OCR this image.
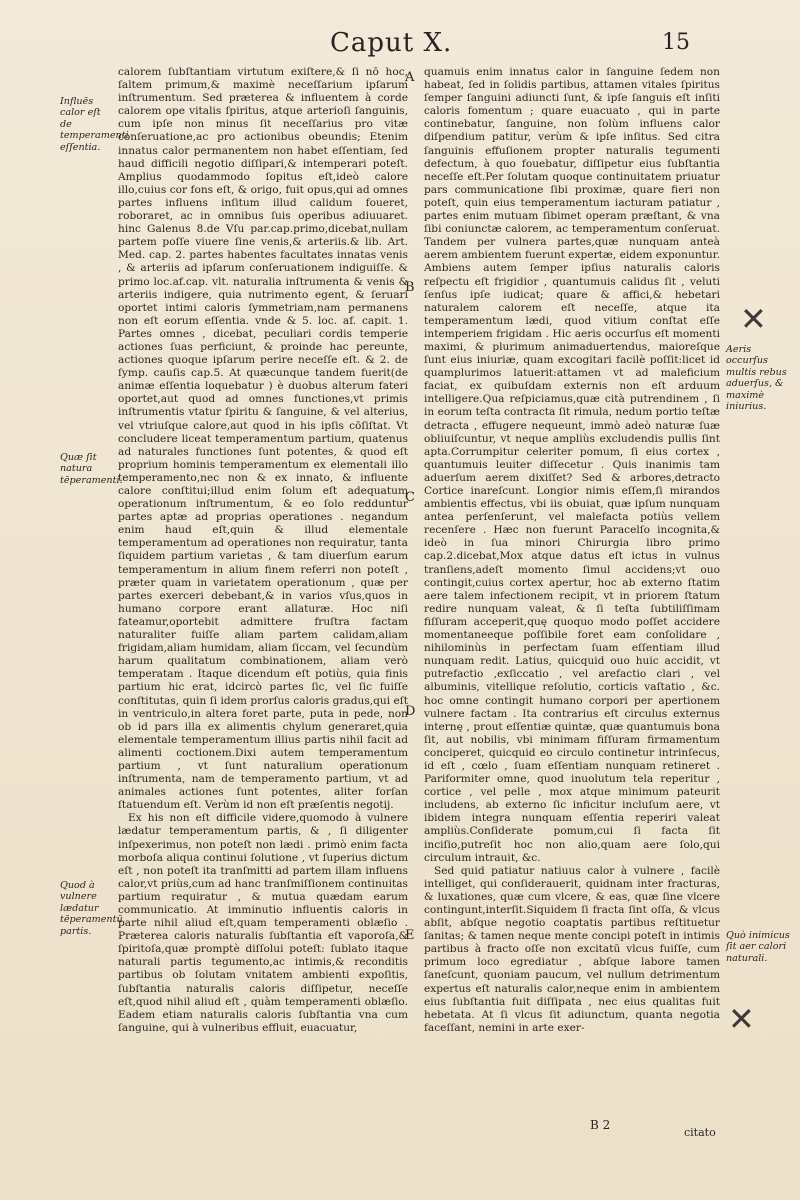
Caput X.	15
Influēs calor eſt de temperamenti eſſentia.
Quæ ſit natura tēperamenti.
Quod à vulnere lædatur tēperamentū partis.

calorem ſubſtantiam virtutum exiſtere,& ſi nō hoc, ſaltem primum,& maximè neceſſarium ipſarum inſtrumentum. Sed præterea & influentem à corde calorem ope vitalis ſpiritus, atque arterioſi ſanguinis, cum ipſe non minus ſit neceſſarius pro vitæ conſeruatione,ac pro actionibus obeundis; Etenim innatus calor permanentem non habet eſſentiam, ſed haud difficili negotio diſſipari,& intemperari poteſt. Amplius quodammodo ſopitus eſt,ideò calore illo,cuius cor fons eſt, & origo, fuit opus,qui ad omnes partes influens inſitum illud calidum foueret, roboraret, ac in omnibus ſuis operibus adiuuaret. hinc Galenus 8.de Vſu par.cap.primo,dicebat,nullam partem poſſe viuere ſine venis,& arteriis.& lib. Art. Med. cap. 2. partes habentes facultates innatas venis , & arteriis ad ipſarum conſeruationem indiguiſſe. & primo loc.af.cap. vlt. naturalia inſtrumenta & venis & arteriis indigere, quia nutrimento egent, & ſeruari oportet intimi caloris ſymmetriam,nam permanens non eſt eorum eſſentia. vnde & 5. loc. af. capit. 1. Partes omnes , dicebat, peculiari cordis temperie actiones ſuas perficiunt, & proinde hac pereunte, actiones quoque ipſarum perire neceſſe eſt. & 2. de ſymp. cauſis cap.5. At quæcunque tandem fuerit(de animæ eſſentia loquebatur ) è duobus alterum fateri oportet,aut quod ad omnes functiones,vt primis inſtrumentis vtatur ſpiritu & ſanguine, & vel alterius, vel vtriuſque calore,aut quod in his ipſis cōſiſtat. Vt concludere liceat temperamentum partium, quatenus ad naturales functiones ſunt potentes, & quod eſt proprium hominis temperamentum ex elementali illo temperamento,nec non & ex innato, & influente calore conſtitui;illud enim ſolum eſt adequatum operationum inſtrumentum, & eo ſolo redduntur partes aptæ ad proprias operationes . negandum enim haud eſt,quin & illud elementale temperamentum ad operationes non requiratur, tanta ſiquidem partium varietas , & tam diuerſum earum temperamentum in alium finem referri non poteſt , præter quam in varietatem operationum , quæ per partes exerceri debebant,& in varios vſus,quos in humano corpore erant allaturæ. Hoc niſi fateamur,oportebit admittere fruſtra factam naturaliter fuiſſe aliam partem calidam,aliam frigidam,aliam humidam, aliam ſiccam, vel ſecundùm harum qualitatum combinationem, aliam verò temperatam . Itaque dicendum eſt potiùs, quia finis partium hic erat, idcircò partes ſic, vel ſic fuiſſe conſtitutas, quin ſi idem prorſus caloris gradus,qui eſt in ventriculo,in altera foret parte, puta in pede, non ob id pars illa ex alimentis chylum generaret,quia elementale temperamentum illius partis nihil facit ad alimenti coctionem.Dixi autem temperamentum partium , vt ſunt naturalium operationum inſtrumenta, nam de temperamento partium, vt ad animales actiones ſunt potentes, aliter forſan ſtatuendum eſt. Verùm id non eſt præſentis negotij.

Ex his non eſt difficile videre,quomodo à vulnere lædatur temperamentum partis, & , ſi diligenter inſpexerimus, non poteſt non lædi . primò enim facta morboſa aliqua continui ſolutione , vt ſuperius dictum eſt , non poteſt ita tranſmitti ad partem illam influens calor,vt priùs,cum ad hanc tranſmiſſionem continuitas partium requiratur , & mutua quædam earum communicatio. At imminutio influentis caloris in parte nihil aliud eſt,quam temperamenti oblæſio . Præterea caloris naturalis ſubſtantia eſt vaporoſa,& ſpiritoſa,quæ promptè diſſolui poteſt: ſublato itaque naturali partis tegumento,ac intimis,& reconditis partibus ob ſolutam vnitatem ambienti expoſitis, ſubſtantia naturalis caloris diſſipetur, neceſſe eſt,quod nihil aliud eſt , quàm temperamenti oblæſio. Eadem etiam naturalis caloris ſubſtantia vna cum ſanguine, qui à vulneribus effluit, euacuatur,

A
B
C
D
E

quamuis enim innatus calor in ſanguine ſedem non habeat, ſed in ſolidis partibus, attamen vitales ſpiritus ſemper ſanguini adiuncti ſunt, & ipſe ſanguis eſt inſiti caloris fomentum ; quare euacuato , qui in parte continebatur, ſanguine, non ſolùm influens calor diſpendium patitur, verùm & ipſe inſitus. Sed citra ſanguinis effuſionem propter naturalis tegumenti defectum, à quo fouebatur, diſſipetur eius ſubſtantia neceſſe eſt.Per ſolutam quoque continuitatem priuatur pars communicatione ſibi proximæ, quare fieri non poteſt, quin eius temperamentum iacturam patiatur , partes enim mutuam ſibimet operam præſtant, & vna ſibi coniunctæ calorem, ac temperamentum conſeruat. Tandem per vulnera partes,quæ nunquam anteà aerem ambientem fuerunt expertæ, eidem exponuntur. Ambiens autem ſemper ipſius naturalis caloris reſpectu eſt frigidior , quantumuis calidus ſit , veluti ſenſus ipſe iudicat; quare & affici,& hebetari naturalem calorem eſt neceſſe, atque ita temperamentum lædi, quod vitium conſtat eſſe intemperiem frigidam . Hic aeris occurſus eſt momenti maximi, & plurimum animaduertendus, maioreſque ſunt eius iniuriæ, quam excogitari facilè poſſit:licet id quamplurimos latuerit:attamen vt ad maleficium faciat, ex quibuſdam externis non eſt arduum intelligere.Qua reſpiciamus,quæ cità putrendinem , ſi in eorum teſta contracta ſit rimula, nedum portio teſtæ detracta , effugere nequeunt, immò adeò naturæ ſuæ obliuiſcuntur, vt neque ampliùs excludendis pullis ſint apta.Corrumpitur celeriter pomum, ſi eius cortex , quantumuis leuiter diſſecetur . Quis inanimis tam aduerſum aerem dixiſſet? Sed & arbores,detracto Cortice inareſcunt. Longior nimis eſſem,ſi mirandos ambientis effectus, vbi iis obuiat, quæ ipſum nunquam antea perſenſerunt, vel malefacta potiùs vellem recenſere . Hæc non fuerunt Paracelſo incognita,& ideò in ſua minori Chirurgia libro primo cap.2.dicebat,Mox atque datus eſt ictus in vulnus tranſiens,adeſt momento ſimul accidens;vt ouo contingit,cuius cortex apertur, hoc ab externo ſtatim aere talem infectionem recipit, vt in priorem ſtatum redire nunquam valeat, & ſi teſta ſubtiliſſimam fiſſuram acceperit,quę quoquo modo poſſet accidere momentaneeque poſſibile foret eam conſolidare , nihilominùs in perfectam ſuam eſſentiam illud nunquam redit. Latius, quicquid ouo huic accidit, vt putrefactio ,exſiccatio , vel arefactio clari , vel albuminis, vitellique reſolutio, corticis vaſtatio , &c. hoc omne contingit humano corpori per apertionem vulnere factam . Ita contrarius eſt circulus externus internę , prout eſſentiæ quintæ, quæ quantumuis bona ſit, aut nobilis, vbi minimam fiſſuram firmamentum conciperet, quicquid eo circulo continetur intrinſecus, id eſt , cœlo , ſuam eſſentiam nunquam retineret . Pariformiter omne, quod inuolutum tela reperitur , cortice , vel pelle , mox atque minimum pateurit includens, ab externo ſic inficitur incluſum aere, vt ibidem integra nunquam eſſentia reperiri valeat ampliùs.Conſiderate pomum,cui ſi facta ſit inciſio,putreſit hoc non alio,quam aere ſolo,qui circulum intrauit, &c.

Sed quid patiatur natiuus calor à vulnere , facilè intelliget, qui conſiderauerit, quidnam inter fracturas, & luxationes, quæ cum vlcere, & eas, quæ ſine vlcere contingunt,interſit.Siquidem ſi fracta ſint oſſa, & vlcus abſit, abſque negotio coaptatis partibus reſtituetur ſanitas; & tamen neque mente concipi poteſt in intimis partibus à fracto oſſe non excitatū vlcus fuiſſe, cum primum loco egrediatur , abſque labore tamen ſaneſcunt, quoniam paucum, vel nullum detrimentum expertus eſt naturalis calor,neque enim in ambientem eius ſubſtantia fuit diſſipata , nec eius qualitas fuit hebetata. At ſi vlcus ſit adiunctum, quanta negotia faceſſant, nemini in arte exer-

Aeris occurſus multis rebus aduerſus, & maximè iniurius.
Quò inimicus ſit aer calori naturali.
✕
✕
B 2
citato
